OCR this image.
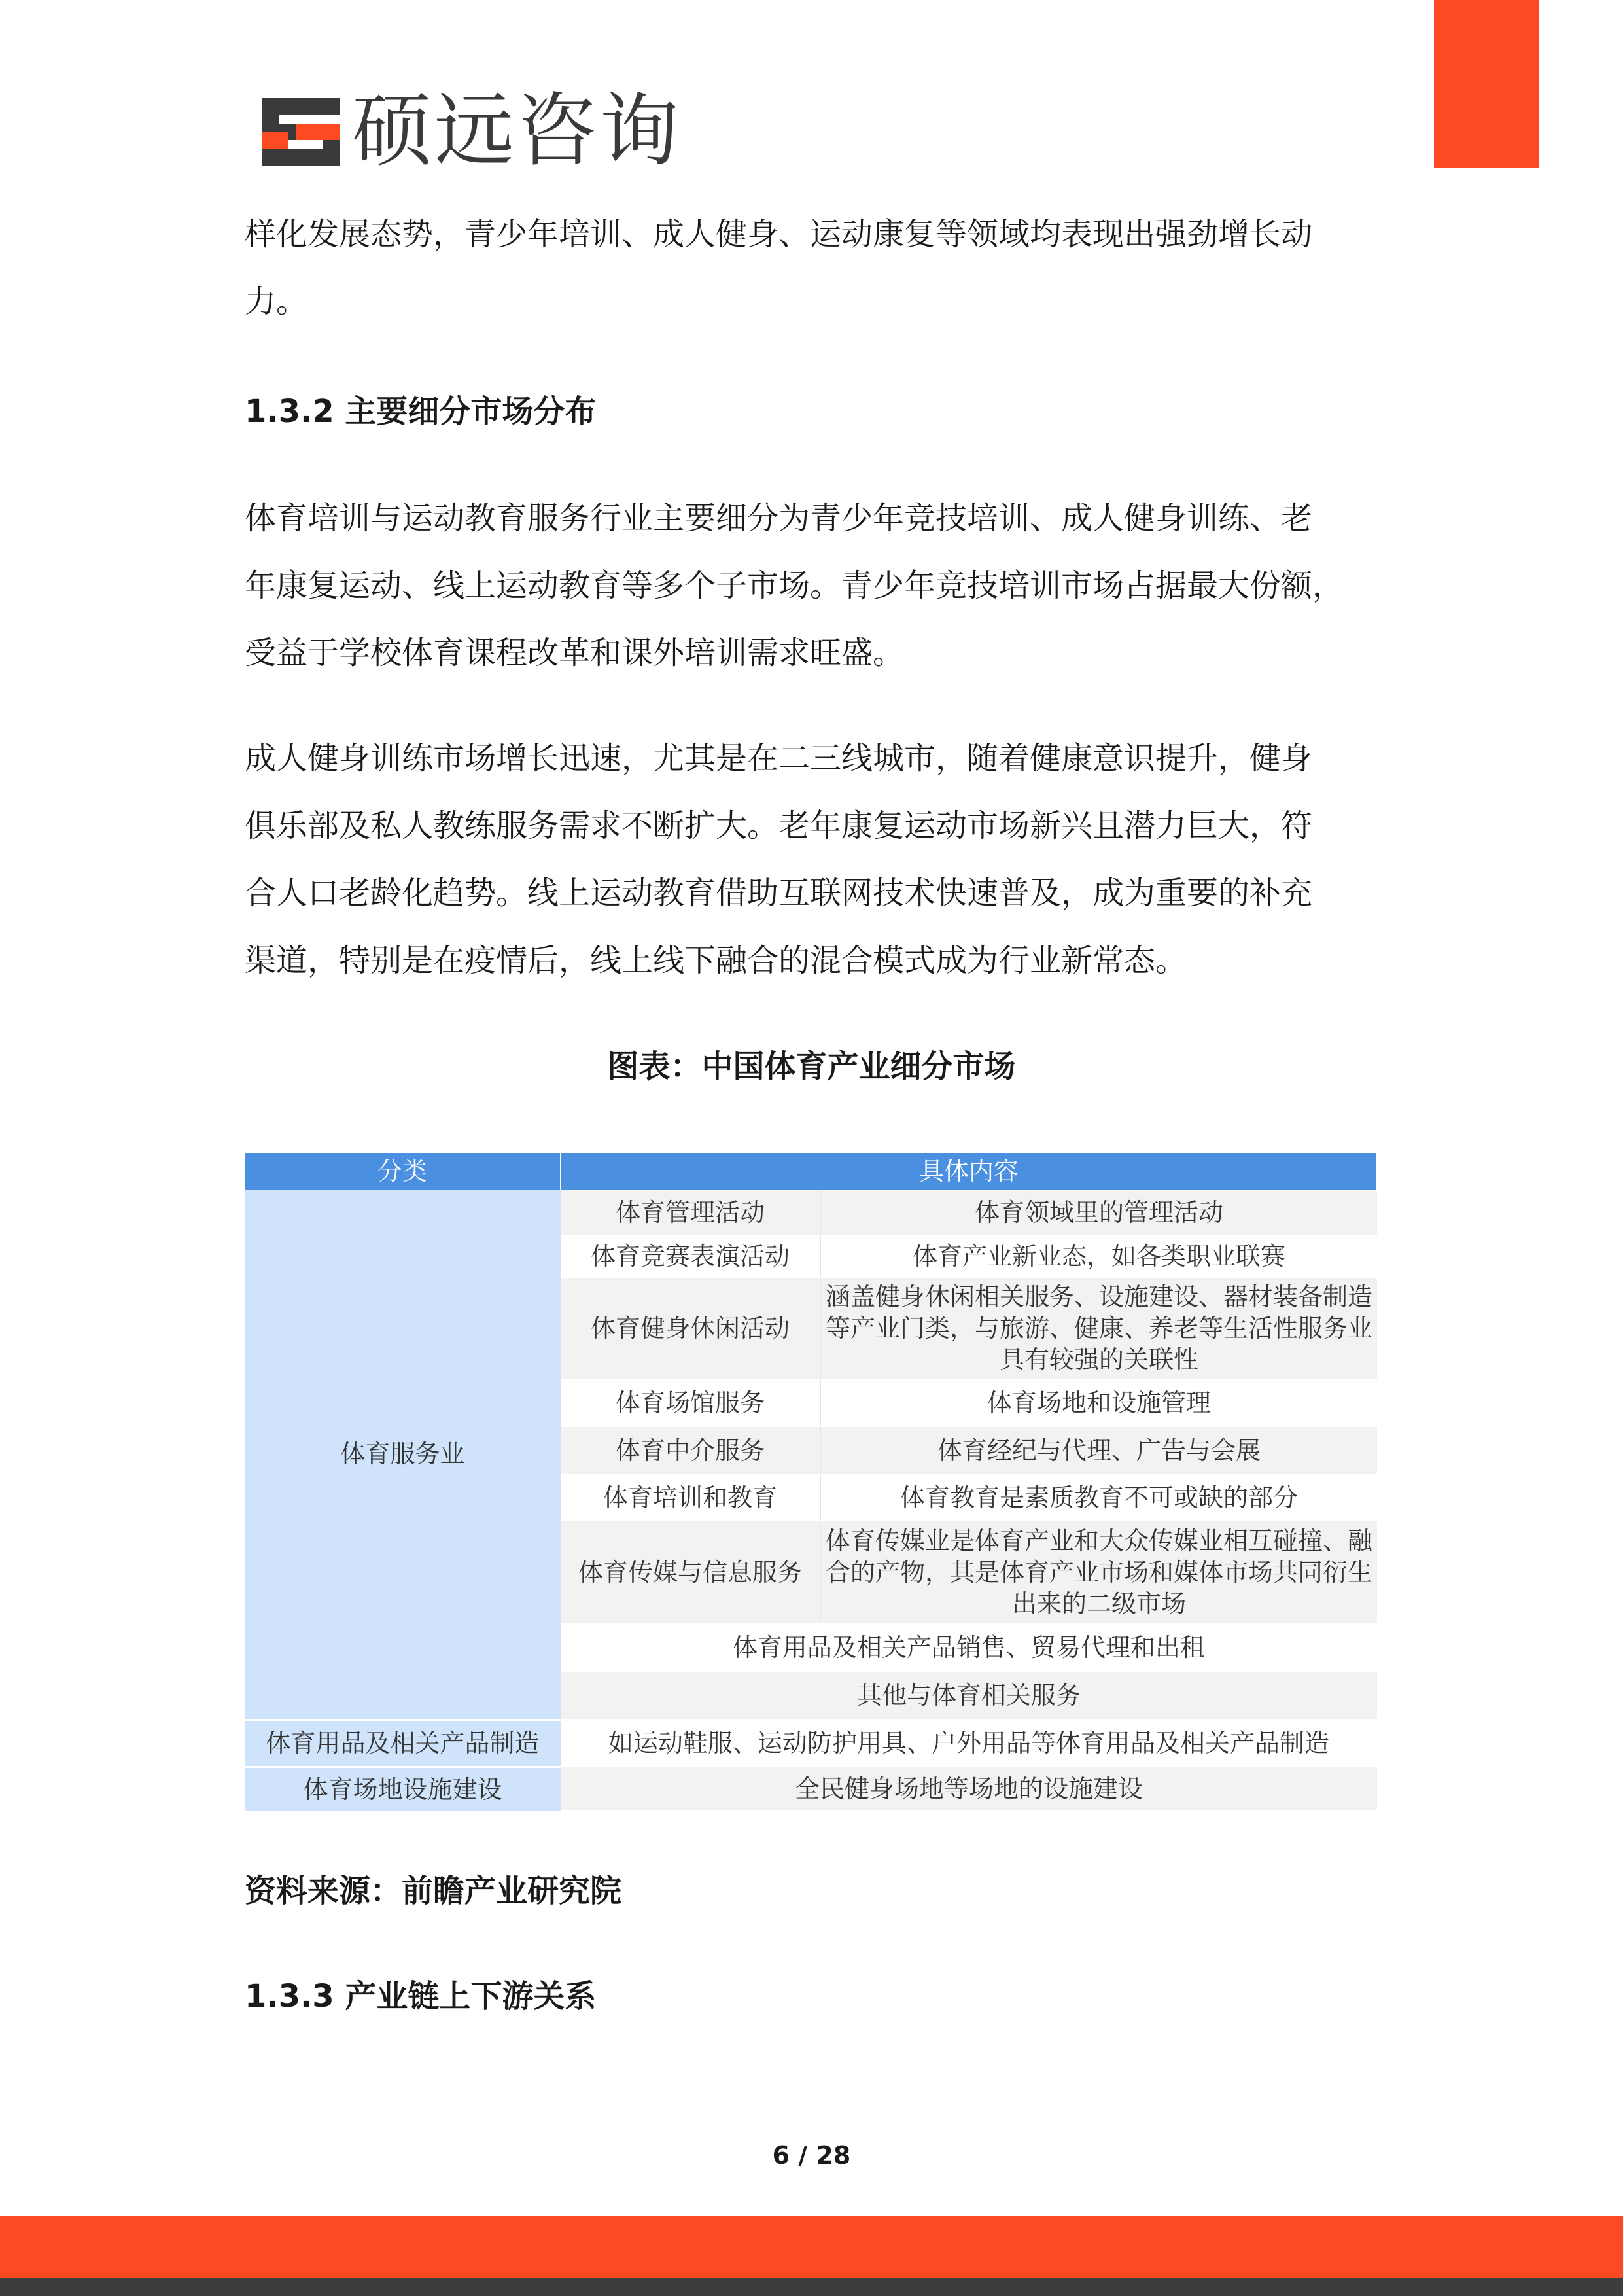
硕远咨询

样化发展态势，青少年培训、成人健身、运动康复等领域均表现出强劲增长动
力。

1.3.2 主要细分市场分布

体育培训与运动教育服务行业主要细分为青少年竞技培训、成人健身训练、老
年康复运动、线上运动教育等多个子市场。青少年竞技培训市场占据最大份额，
受益于学校体育课程改革和课外培训需求旺盛。

成人健身训练市场增长迅速，尤其是在二三线城市，随着健康意识提升，健身
俱乐部及私人教练服务需求不断扩大。老年康复运动市场新兴且潜力巨大，符
合人口老龄化趋势。线上运动教育借助互联网技术快速普及，成为重要的补充
渠道，特别是在疫情后，线上线下融合的混合模式成为行业新常态。

图表：中国体育产业细分市场
分类	具体内容	
体育服务业	体育管理活动	体育领域里的管理活动
	体育竞赛表演活动	体育产业新业态，如各类职业联赛
	体育健身休闲活动	涵盖健身休闲相关服务、设施建设、器材装备制造等产业门类，与旅游、健康、养老等生活性服务业具有较强的关联性
	体育场馆服务	体育场地和设施管理
	体育中介服务	体育经纪与代理、广告与会展
	体育培训和教育	体育教育是素质教育不可或缺的部分
	体育传媒与信息服务	体育传媒业是体育产业和大众传媒业相互碰撞、融合的产物，其是体育产业市场和媒体市场共同衍生出来的二级市场
	体育用品及相关产品销售、贸易代理和出租	
	其他与体育相关服务	
体育用品及相关产品制造	如运动鞋服、运动防护用具、户外用品等体育用品及相关产品制造	
体育场地设施建设	全民健身场地等场地的设施建设	
资料来源：前瞻产业研究院
1.3.3 产业链上下游关系
6 / 28
